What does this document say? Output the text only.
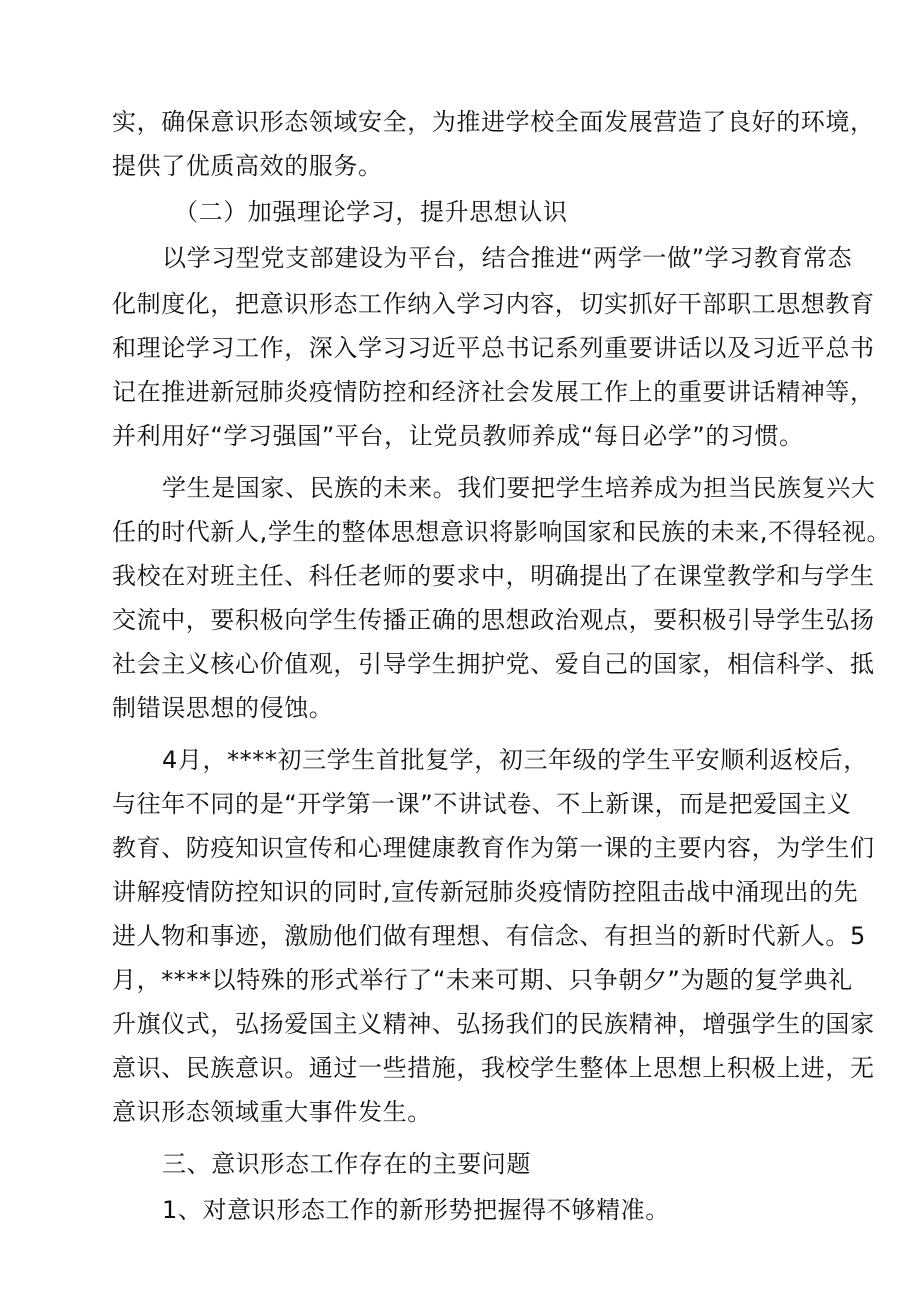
实，确保意识形态领域安全，为推进学校全面发展营造了良好的环境，
提供了优质高效的服务。
（二）加强理论学习，提升思想认识
以学习型党支部建设为平台，结合推进“两学一做”学习教育常态
化制度化，把意识形态工作纳入学习内容，切实抓好干部职工思想教育
和理论学习工作，深入学习习近平总书记系列重要讲话以及习近平总书
记在推进新冠肺炎疫情防控和经济社会发展工作上的重要讲话精神等，
并利用好“学习强国”平台，让党员教师养成“每日必学”的习惯。
学生是国家、民族的未来。我们要把学生培养成为担当民族复兴大
任的时代新人,学生的整体思想意识将影响国家和民族的未来,不得轻视。
我校在对班主任、科任老师的要求中，明确提出了在课堂教学和与学生
交流中，要积极向学生传播正确的思想政治观点，要积极引导学生弘扬
社会主义核心价值观，引导学生拥护党、爱自己的国家，相信科学、抵
制错误思想的侵蚀。
4月，****初三学生首批复学，初三年级的学生平安顺利返校后，
与往年不同的是“开学第一课”不讲试卷、不上新课，而是把爱国主义
教育、防疫知识宣传和心理健康教育作为第一课的主要内容，为学生们
讲解疫情防控知识的同时,宣传新冠肺炎疫情防控阻击战中涌现出的先
进人物和事迹，激励他们做有理想、有信念、有担当的新时代新人。5
月，****以特殊的形式举行了“未来可期、只争朝夕”为题的复学典礼
升旗仪式，弘扬爱国主义精神、弘扬我们的民族精神，增强学生的国家
意识、民族意识。通过一些措施，我校学生整体上思想上积极上进，无
意识形态领域重大事件发生。
三、意识形态工作存在的主要问题
1、对意识形态工作的新形势把握得不够精准。
